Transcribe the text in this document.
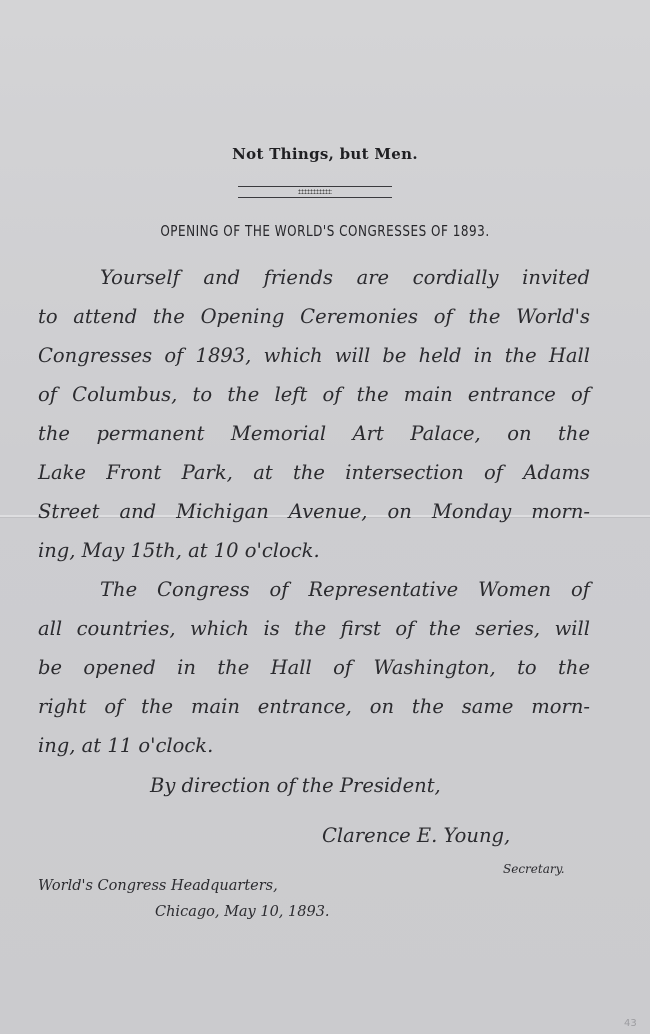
Not Things, but Men.
OPENING OF THE WORLD'S CONGRESSES OF 1893.
Yourself and friends are cordially invited
to attend the Opening Ceremonies of the World's
Congresses of 1893, which will be held in the Hall
of Columbus, to the left of the main entrance of
the permanent Memorial Art Palace, on the
Lake Front Park, at the intersection of Adams
Street and Michigan Avenue, on Monday morn-
ing, May 15th, at 10 o'clock.
The Congress of Representative Women of
all countries, which is the first of the series, will
be opened in the Hall of Washington, to the
right of the main entrance, on the same morn-
ing, at 11 o'clock.
By direction of the President,
Clarence E. Young,
Secretary.
World's Congress Headquarters,
Chicago, May 10, 1893.
43
